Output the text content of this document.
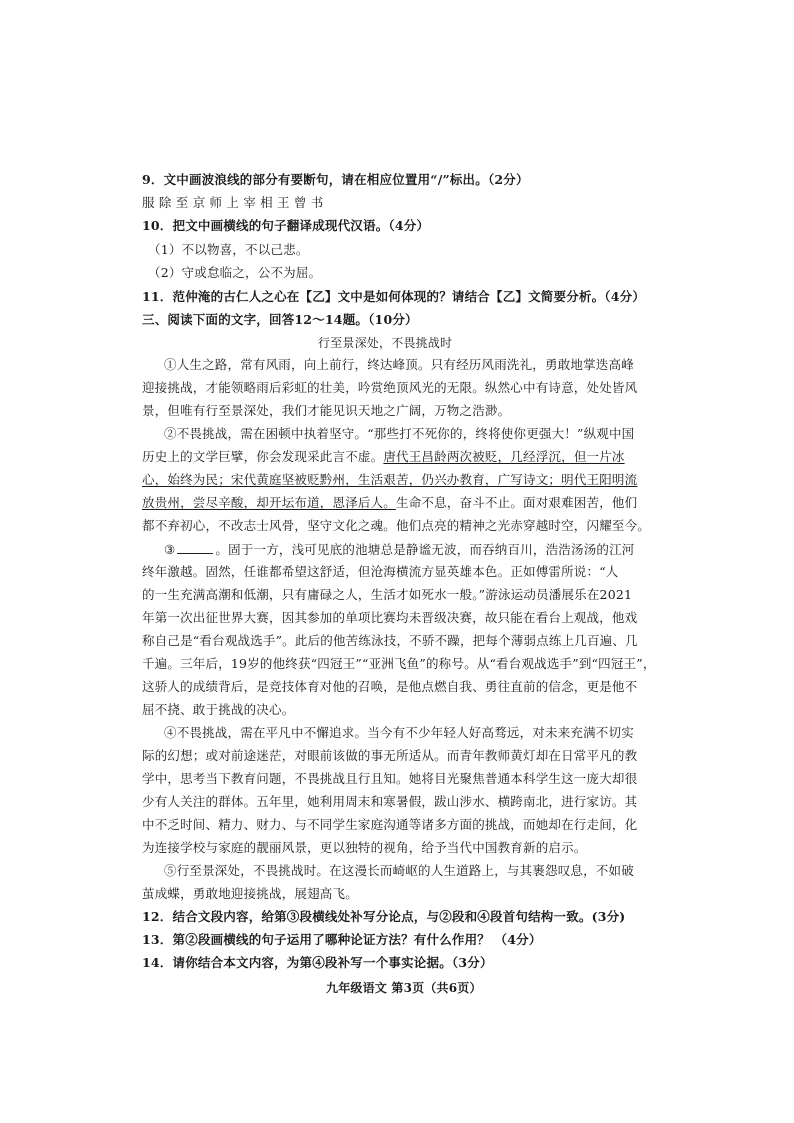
9．文中画波浪线的部分有要断句，请在相应位置用“/”标出。（2分）
服 除 至 京 师 上 宰 相 王 曾 书
10．把文中画横线的句子翻译成现代汉语。（4分）
（1）不以物喜，不以己悲。
（2）守或怠临之，公不为屈。
11．范仲淹的古仁人之心在【乙】文中是如何体现的？请结合【乙】文简要分析。（4分）
三、阅读下面的文字，回答12～14题。（10分）
行至景深处，不畏挑战时
①人生之路，常有风雨，向上前行，终达峰顶。只有经历风雨洗礼，勇敢地掌迭高峰
迎接挑战，才能领略雨后彩虹的壮美，吟赏绝顶风光的无限。纵然心中有诗意，处处皆风
景，但唯有行至景深处，我们才能见识天地之广阔，万物之浩渺。
②不畏挑战，需在困顿中执着坚守。“那些打不死你的，终将使你更强大！”纵观中国
历史上的文学巨擘，你会发现采此言不虚。唐代王昌龄两次被贬，几经浮沉，但一片冰
心，始终为民；宋代黄庭坚被贬黔州，生活艰苦，仍兴办教育，广写诗文；明代王阳明流
放贵州，尝尽辛酸，却开坛布道，恩泽后人。生命不息，奋斗不止。面对艰难困苦，他们
都不弃初心，不改志士风骨，坚守文化之魂。他们点亮的精神之光赤穿越时空，闪耀至今。
③	。固于一方，浅可见底的池塘总是静谧无波，而吞纳百川，浩浩汤汤的江河
终年激越。固然，任谁都希望这舒适，但沧海横流方显英雄本色。正如傅雷所说：“人
的一生充满高潮和低潮，只有庸碌之人，生活才如死水一般。”游泳运动员潘展乐在2021
年第一次出征世界大赛，因其参加的单项比赛均未晋级决赛，故只能在看台上观战，他戏
称自己是“看台观战选手”。此后的他苦练泳技，不骄不躁，把每个薄弱点练上几百遍、几
千遍。三年后，19岁的他终获“四冠王”“亚洲飞鱼”的称号。从“看台观战选手”到“四冠王”，
这骄人的成绩背后，是竞技体育对他的召唤，是他点燃自我、勇往直前的信念，更是他不
屈不挠、敢于挑战的决心。
④不畏挑战，需在平凡中不懈追求。当今有不少年轻人好高骛远，对未来充满不切实
际的幻想；或对前途迷茫，对眼前该做的事无所适从。而青年教师黄灯却在日常平凡的教
学中，思考当下教育问题，不畏挑战且行且知。她将目光聚焦普通本科学生这一庞大却很
少有人关注的群体。五年里，她利用周末和寒暑假，跋山涉水、横跨南北，进行家访。其
中不乏时间、精力、财力、与不同学生家庭沟通等诸多方面的挑战，而她却在行走间，化
为连接学校与家庭的靓丽风景，更以独特的视角，给予当代中国教育新的启示。
⑤行至景深处，不畏挑战时。在这漫长而崎岖的人生道路上，与其裹怨叹息，不如破
茧成蝶，勇敢地迎接挑战，展翅高飞。
12．结合文段内容，给第③段横线处补写分论点，与②段和④段首句结构一致。(3分)
13．第②段画横线的句子运用了哪种论证方法？有什么作用？ （4分）
14．请你结合本文内容，为第④段补写一个事实论据。（3分）
九年级语文 第3页（共6页）
